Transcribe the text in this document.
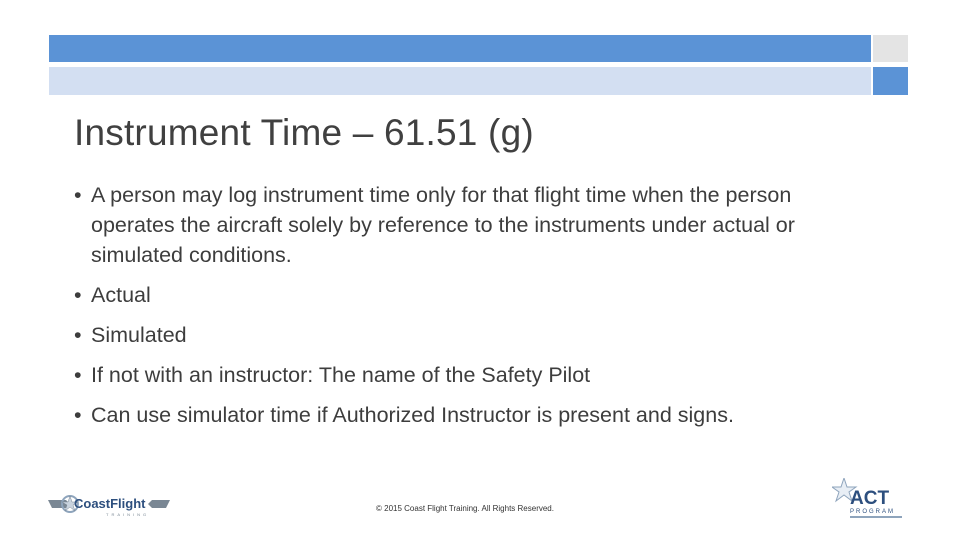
Instrument Time – 61.51 (g)
• A person may log instrument time only for that flight time when the person operates the aircraft solely by reference to the instruments under actual or simulated conditions.
• Actual
• Simulated
• If not with an instructor: The name of the Safety Pilot
• Can use simulator time if Authorized Instructor is present and signs.
CoastFlight
TRAINING
© 2015 Coast Flight Training. All Rights Reserved.	ACT
PROGRAM
